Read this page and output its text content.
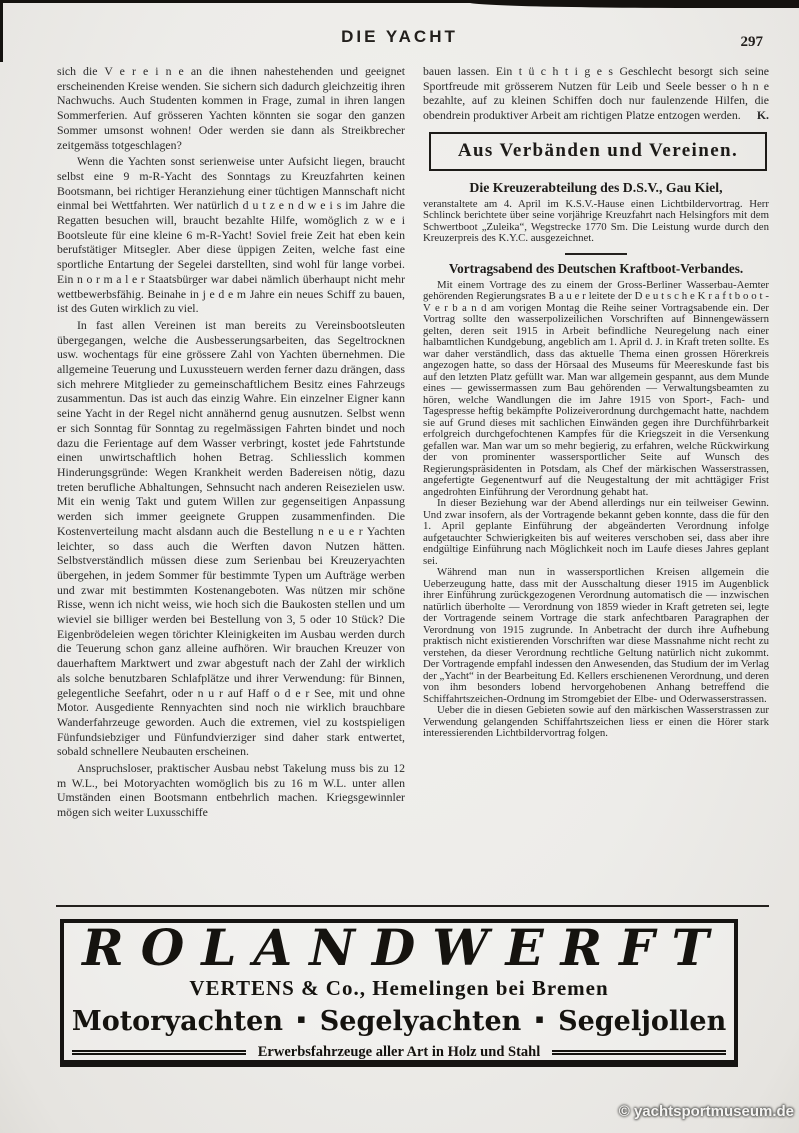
DIE YACHT	297

sich die V e r e i n e an die ihnen nahestehenden und geeignet erscheinenden Kreise wenden. Sie sichern sich dadurch gleichzeitig ihren Nachwuchs. Auch Studenten kommen in Frage, zumal in ihren langen Sommerferien. Auf grösseren Yachten könnten sie sogar den ganzen Sommer umsonst wohnen! Oder werden sie dann als Streikbrecher zeitgemäss totgeschlagen?

Wenn die Yachten sonst serienweise unter Aufsicht liegen, braucht selbst eine 9 m-R-Yacht des Sonntags zu Kreuzfahrten keinen Bootsmann, bei richtiger Heranziehung einer tüchtigen Mannschaft nicht einmal bei Wettfahrten. Wer natürlich d u t z e n d w e i s im Jahre die Regatten besuchen will, braucht bezahlte Hilfe, womöglich z w e i Bootsleute für eine kleine 6 m-R-Yacht! Soviel freie Zeit hat eben kein berufstätiger Mitsegler. Aber diese üppigen Zeiten, welche fast eine sportliche Entartung der Segelei darstellten, sind wohl für lange vorbei. Ein n o r m a l e r Staatsbürger war dabei nämlich überhaupt nicht mehr wettbewerbsfähig. Beinahe in j e d e m Jahre ein neues Schiff zu bauen, ist des Guten wirklich zu viel.

In fast allen Vereinen ist man bereits zu Vereinsbootsleuten übergegangen, welche die Ausbesserungsarbeiten, das Segeltrocknen usw. wochentags für eine grössere Zahl von Yachten übernehmen. Die allgemeine Teuerung und Luxussteuern werden ferner dazu drängen, dass sich mehrere Mitglieder zu gemeinschaftlichem Besitz eines Fahrzeugs zusammentun. Das ist auch das einzig Wahre. Ein einzelner Eigner kann seine Yacht in der Regel nicht annähernd genug ausnutzen. Selbst wenn er sich Sonntag für Sonntag zu regelmässigen Fahrten bindet und noch dazu die Ferientage auf dem Wasser verbringt, kostet jede Fahrtstunde einen unwirtschaftlich hohen Betrag. Schliesslich kommen Hinderungsgründe: Wegen Krankheit werden Badereisen nötig, dazu treten berufliche Abhaltungen, Sehnsucht nach anderen Reisezielen usw. Mit ein wenig Takt und gutem Willen zur gegenseitigen Anpassung werden sich immer geeignete Gruppen zusammenfinden. Die Kostenverteilung macht alsdann auch die Bestellung n e u e r Yachten leichter, so dass auch die Werften davon Nutzen hätten. Selbstverständlich müssen diese zum Serienbau bei Kreuzeryachten übergehen, in jedem Sommer für bestimmte Typen um Aufträge werben und zwar mit bestimmten Kostenangeboten. Was nützen mir schöne Risse, wenn ich nicht weiss, wie hoch sich die Baukosten stellen und um wieviel sie billiger werden bei Bestellung von 3, 5 oder 10 Stück? Die Eigenbrödeleien wegen törichter Kleinigkeiten im Ausbau werden durch die Teuerung schon ganz alleine aufhören. Wir brauchen Kreuzer von dauerhaftem Marktwert und zwar abgestuft nach der Zahl der wirklich als solche benutzbaren Schlafplätze und ihrer Verwendung: für Binnen, gelegentliche Seefahrt, oder n u r auf Haff o d e r See, mit und ohne Motor. Ausgediente Rennyachten sind noch nie wirklich brauchbare Wanderfahrzeuge geworden. Auch die extremen, viel zu kostspieligen Fünfundsiebziger und Fünfundvierziger sind daher stark entwertet, sobald schnellere Neubauten erscheinen.

Anspruchsloser, praktischer Ausbau nebst Takelung muss bis zu 12 m W.L., bei Motoryachten womöglich bis zu 16 m W.L. unter allen Umständen einen Bootsmann entbehrlich machen. Kriegsgewinnler mögen sich weiter Luxusschiffe

bauen lassen. Ein t ü c h t i g e s Geschlecht besorgt sich seine Sportfreude mit grösserem Nutzen für Leib und Seele besser o h n e bezahlte, auf zu kleinen Schiffen doch nur faulenzende Hilfen, die obendrein produktiver Arbeit am richtigen Platze entzogen werden.	K.

Aus Verbänden und Vereinen.
Die Kreuzerabteilung des D.S.V., Gau Kiel,

veranstaltete am 4. April im K.S.V.-Hause einen Lichtbildervortrag. Herr Schlinck berichtete über seine vorjährige Kreuzfahrt nach Helsingfors mit dem Schwertboot „Zuleika“, Wegstrecke 1770 Sm. Die Leistung wurde durch den Kreuzerpreis des K.Y.C. ausgezeichnet.

Vortragsabend des Deutschen Kraftboot-Verbandes.

Mit einem Vortrage des zu einem der Gross-Berliner Wasserbau-Aemter gehörenden Regierungsrates B a u e r leitete der D e u t s c h e K r a f t b o o t - V e r b a n d am vorigen Montag die Reihe seiner Vortragsabende ein. Der Vortrag sollte den wasserpolizeilichen Vorschriften auf Binnengewässern gelten, deren seit 1915 in Arbeit befindliche Neuregelung nach einer halbamtlichen Kundgebung, angeblich am 1. April d. J. in Kraft treten sollte. Es war daher verständlich, dass das aktuelle Thema einen grossen Hörerkreis angezogen hatte, so dass der Hörsaal des Museums für Meereskunde fast bis auf den letzten Platz gefüllt war. Man war allgemein gespannt, aus dem Munde eines — gewissermassen zum Bau gehörenden — Verwaltungsbeamten zu hören, welche Wandlungen die im Jahre 1915 von Sport-, Fach- und Tagespresse heftig bekämpfte Polizeiverordnung durchgemacht hatte, nachdem sie auf Grund dieses mit sachlichen Einwänden gegen ihre Durchführbarkeit erfolgreich durchgefochtenen Kampfes für die Kriegszeit in die Versenkung gefallen war. Man war um so mehr begierig, zu erfahren, welche Rückwirkung der von prominenter wassersportlicher Seite auf Wunsch des Regierungspräsidenten in Potsdam, als Chef der märkischen Wasserstrassen, angefertigte Gegenentwurf auf die Neugestaltung der mit achttägiger Frist angedrohten Einführung der Verordnung gehabt hat.

In dieser Beziehung war der Abend allerdings nur ein teilweiser Gewinn. Und zwar insofern, als der Vortragende bekannt geben konnte, dass die für den 1. April geplante Einführung der abgeänderten Verordnung infolge aufgetauchter Schwierigkeiten bis auf weiteres verschoben sei, dass aber ihre endgültige Einführung nach Möglichkeit noch im Laufe dieses Jahres geplant sei.

Während man nun in wassersportlichen Kreisen allgemein die Ueberzeugung hatte, dass mit der Ausschaltung dieser 1915 im Augenblick ihrer Einführung zurückgezogenen Verordnung automatisch die — inzwischen natürlich überholte — Verordnung von 1859 wieder in Kraft getreten sei, legte der Vortragende seinem Vortrage die stark anfechtbaren Paragraphen der Verordnung von 1915 zugrunde. In Anbetracht der durch ihre Aufhebung praktisch nicht existierenden Vorschriften war diese Massnahme nicht recht zu verstehen, da dieser Verordnung rechtliche Geltung natürlich nicht zukommt. Der Vortragende empfahl indessen den Anwesenden, das Studium der im Verlag der „Yacht“ in der Bearbeitung Ed. Kellers erschienenen Verordnung, und deren von ihm besonders lobend hervorgehobenen Anhang betreffend die Schiffahrtszeichen-Ordnung im Stromgebiet der Elbe- und Oderwasserstrassen.

Ueber die in diesen Gebieten sowie auf den märkischen Wasserstrassen zur Verwendung gelangenden Schiffahrtszeichen liess er einen die Hörer stark interessierenden Lichtbildervortrag folgen.

ROLANDWERFT
VERTENS & Co., Hemelingen bei Bremen
Motoryachten ▪ Segelyachten ▪ Segeljollen
Erwerbsfahrzeuge aller Art in Holz und Stahl
© yachtsportmuseum.de
